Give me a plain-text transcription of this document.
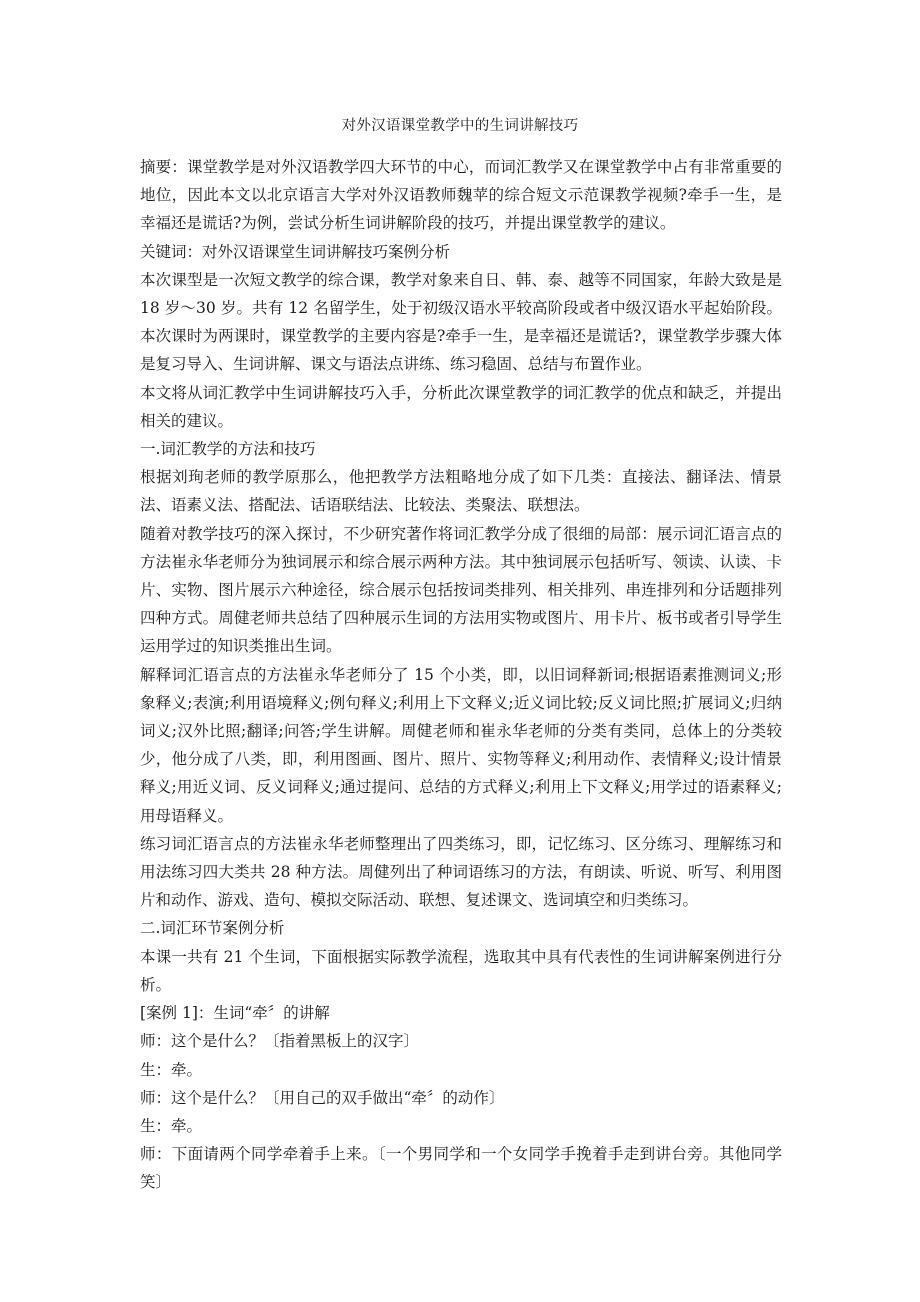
对外汉语课堂教学中的生词讲解技巧

摘要：课堂教学是对外汉语教学四大环节的中心，而词汇教学又在课堂教学中占有非常重要的地位，因此本文以北京语言大学对外汉语教师魏苹的综合短文示范课教学视频?牵手一生，是幸福还是谎话?为例，尝试分析生词讲解阶段的技巧，并提出课堂教学的建议。

关键词：对外汉语课堂生词讲解技巧案例分析

本次课型是一次短文教学的综合课，教学对象来自日、韩、泰、越等不同国家，年龄大致是是 18 岁～30 岁。共有 12 名留学生，处于初级汉语水平较高阶段或者中级汉语水平起始阶段。本次课时为两课时，课堂教学的主要内容是?牵手一生，是幸福还是谎话?，课堂教学步骤大体是复习导入、生词讲解、课文与语法点讲练、练习稳固、总结与布置作业。

本文将从词汇教学中生词讲解技巧入手，分析此次课堂教学的词汇教学的优点和缺乏，并提出相关的建议。

一.词汇教学的方法和技巧

根据刘珣老师的教学原那么，他把教学方法粗略地分成了如下几类：直接法、翻译法、情景法、语素义法、搭配法、话语联结法、比较法、类聚法、联想法。

随着对教学技巧的深入探讨，不少研究著作将词汇教学分成了很细的局部：展示词汇语言点的方法崔永华老师分为独词展示和综合展示两种方法。其中独词展示包括听写、领读、认读、卡片、实物、图片展示六种途径，综合展示包括按词类排列、相关排列、串连排列和分话题排列四种方式。周健老师共总结了四种展示生词的方法用实物或图片、用卡片、板书或者引导学生运用学过的知识类推出生词。

解释词汇语言点的方法崔永华老师分了 15 个小类，即，以旧词释新词;根据语素推测词义;形象释义;表演;利用语境释义;例句释义;利用上下文释义;近义词比较;反义词比照;扩展词义;归纳词义;汉外比照;翻译;问答;学生讲解。周健老师和崔永华老师的分类有类同，总体上的分类较少，他分成了八类，即，利用图画、图片、照片、实物等释义;利用动作、表情释义;设计情景释义;用近义词、反义词释义;通过提问、总结的方式释义;利用上下文释义;用学过的语素释义;用母语释义。

练习词汇语言点的方法崔永华老师整理出了四类练习，即，记忆练习、区分练习、理解练习和用法练习四大类共 28 种方法。周健列出了种词语练习的方法，有朗读、听说、听写、利用图片和动作、游戏、造句、模拟交际活动、联想、复述课文、选词填空和归类练习。

二.词汇环节案例分析

本课一共有 21 个生词，下面根据实际教学流程，选取其中具有代表性的生词讲解案例进行分析。

[案例 1]：生词“牵〞的讲解

师：这个是什么？〔指着黑板上的汉字〕

生：牵。

师：这个是什么？〔用自己的双手做出“牵〞的动作〕

生：牵。

师：下面请两个同学牵着手上来。〔一个男同学和一个女同学手挽着手走到讲台旁。其他同学笑〕
